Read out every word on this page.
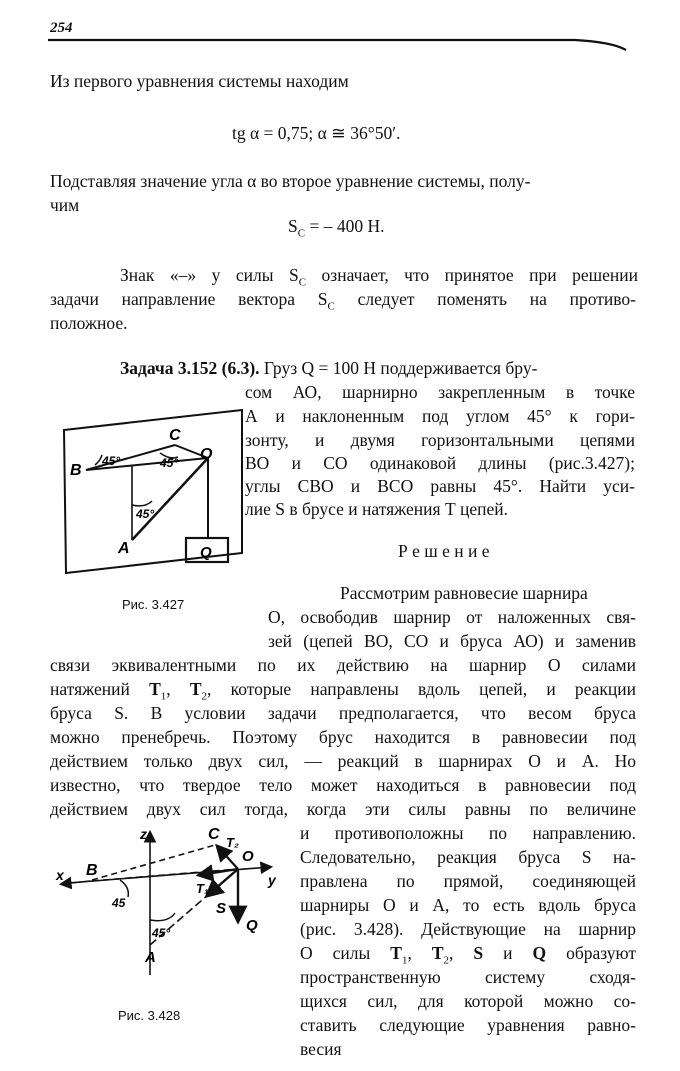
254
Из первого уравнения системы находим
tg α = 0,75; α ≅ 36°50′.
Подставляя значение угла α во второе уравнение системы, полу-
чим
$S_C$ = – 400 Н.
Знак «–» у силы $S_C$ означает, что принятое при решении
задачи направление вектора $S_C$ следует поменять на противо-
положное.
Задача 3.152 (6.3). Груз Q = 100 Н поддерживается бру-
сом АО, шарнирно закрепленным в точке
А и наклоненным под углом 45° к гори-
зонту, и двумя горизонтальными цепями
ВО и СО одинаковой длины (рис.3.427);
углы СВО и ВСО равны 45°. Найти уси-
лие S в брусе и натяжения Т цепей.
Р е ш е н и е
B
C
O
A	Q
45°
45°
45°
Рис. 3.427
Рассмотрим равновесие шарнира
О, освободив шарнир от наложенных свя-
зей (цепей ВО, СО и бруса АО) и заменив
связи эквивалентными по их действию на шарнир О силами
натяжений $T_1$, $T_2$, которые направлены вдоль цепей, и реакции
бруса S. В условии задачи предполагается, что весом бруса
можно пренебречь. Поэтому брус находится в равновесии под
действием только двух сил, — реакций в шарнирах О и А. Но
известно, что твердое тело может находиться в равновесии под
действием двух сил тогда, когда эти силы равны по величине
и противоположны по направлению.
Следовательно, реакция бруса S на-
правлена по прямой, соединяющей
шарниры О и А, то есть вдоль бруса
(рис. 3.428). Действующие на шарнир
О силы $T_1$, $T_2$, S и Q образуют
пространственную систему сходя-
щихся сил, для которой можно со-
ставить следующие уравнения равно-
весия
z
x	y
B
C
O
A
T₂
T₁
S
Q
45
45°
Рис. 3.428
